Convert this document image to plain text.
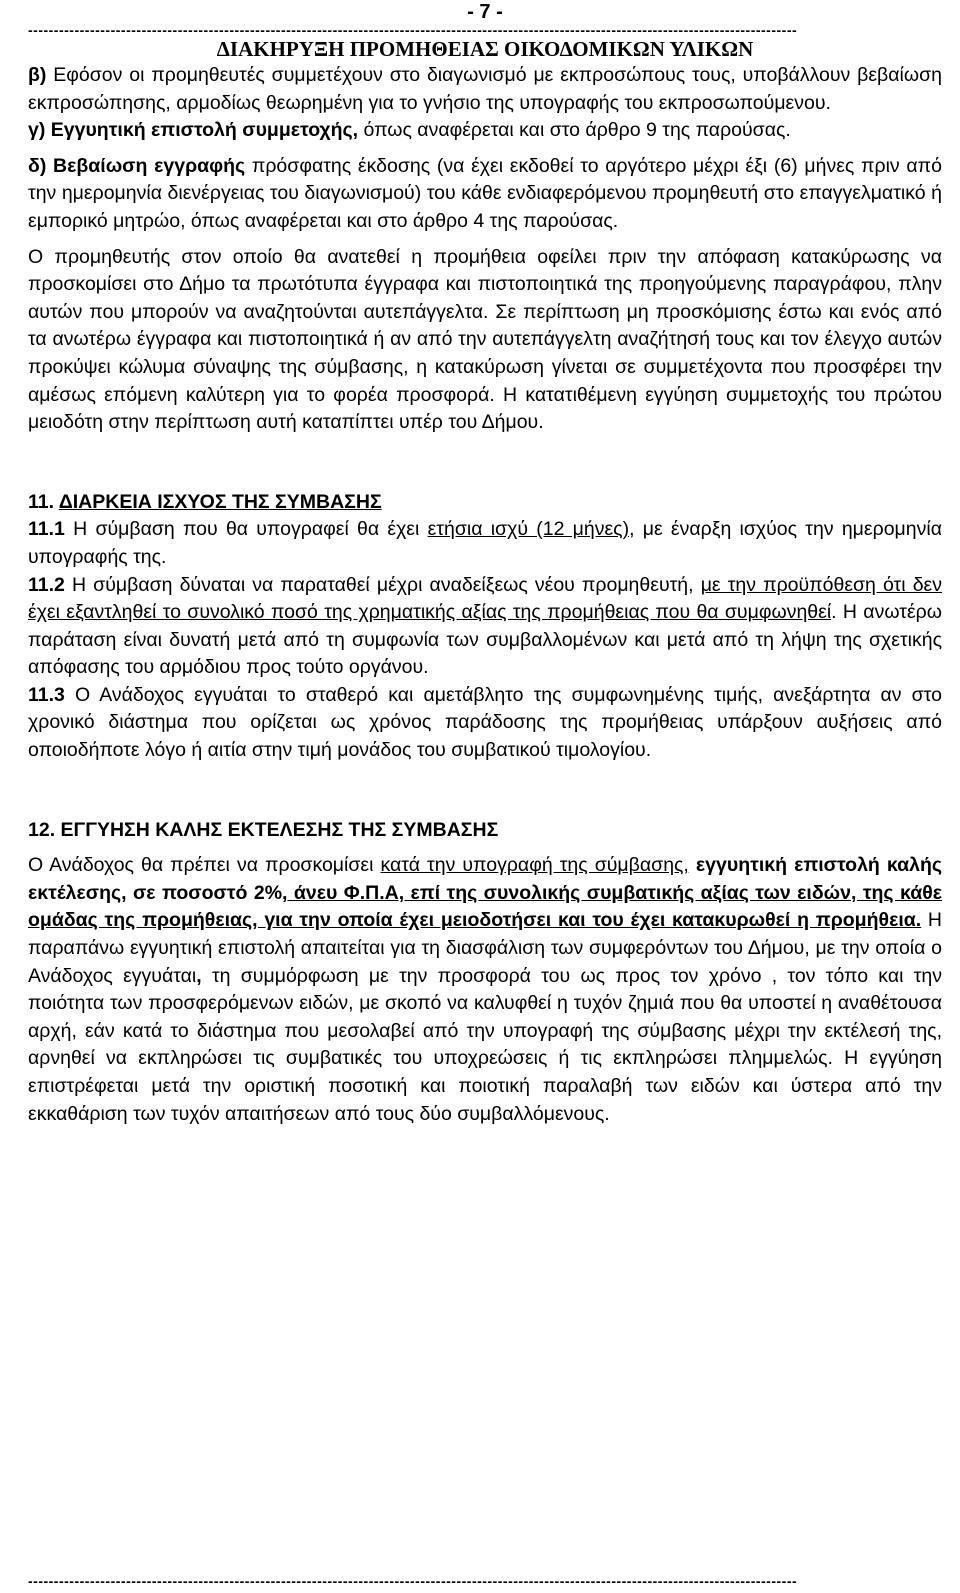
- 7 -
-----------------------------------------------------------------------------------------------------------------------------------------------------
ΔΙΑΚΗΡΥΞΗ ΠΡΟΜΗΘΕΙΑΣ ΟΙΚΟΔΟΜΙΚΩΝ ΥΛΙΚΩΝ

β) Εφόσον οι προμηθευτές συμμετέχουν στο διαγωνισμό με εκπροσώπους τους, υποβάλλουν βεβαίωση εκπροσώπησης, αρμοδίως θεωρημένη για το γνήσιο της υπογραφής του εκπροσωπούμενου.

γ) Εγγυητική επιστολή συμμετοχής, όπως αναφέρεται και στο άρθρο 9 της παρούσας.

δ) Βεβαίωση εγγραφής πρόσφατης έκδοσης (να έχει εκδοθεί το αργότερο μέχρι έξι (6) μήνες πριν από την ημερομηνία διενέργειας του διαγωνισμού) του κάθε ενδιαφερόμενου προμηθευτή στο επαγγελματικό ή εμπορικό μητρώο, όπως αναφέρεται και στο άρθρο 4 της παρούσας.

Ο προμηθευτής στον οποίο θα ανατεθεί η προμήθεια οφείλει πριν την απόφαση κατακύρωσης να προσκομίσει στο Δήμο τα πρωτότυπα έγγραφα και πιστοποιητικά της προηγούμενης παραγράφου, πλην αυτών που μπορούν να αναζητούνται αυτεπάγγελτα. Σε περίπτωση μη προσκόμισης έστω και ενός από τα ανωτέρω έγγραφα και πιστοποιητικά ή αν από την αυτεπάγγελτη αναζήτησή τους και τον έλεγχο αυτών προκύψει κώλυμα σύναψης της σύμβασης, η κατακύρωση γίνεται σε συμμετέχοντα που προσφέρει την αμέσως επόμενη καλύτερη για το φορέα προσφορά. Η κατατιθέμενη εγγύηση συμμετοχής του πρώτου μειοδότη στην περίπτωση αυτή καταπίπτει υπέρ του Δήμου.

11. ΔΙΑΡΚΕΙΑ ΙΣΧΥΟΣ ΤΗΣ ΣΥΜΒΑΣΗΣ

11.1 Η σύμβαση που θα υπογραφεί θα έχει ετήσια ισχύ (12 μήνες), με έναρξη ισχύος την ημερομηνία υπογραφής της.

11.2 Η σύμβαση δύναται να παραταθεί μέχρι αναδείξεως νέου προμηθευτή, με την προϋπόθεση ότι δεν έχει εξαντληθεί το συνολικό ποσό της χρηματικής αξίας της προμήθειας που θα συμφωνηθεί. Η ανωτέρω παράταση είναι δυνατή μετά από τη συμφωνία των συμβαλλομένων και μετά από τη λήψη της σχετικής απόφασης του αρμόδιου προς τούτο οργάνου.

11.3 Ο Ανάδοχος εγγυάται το σταθερό και αμετάβλητο της συμφωνημένης τιμής, ανεξάρτητα αν στο χρονικό διάστημα που ορίζεται ως χρόνος παράδοσης της προμήθειας υπάρξουν αυξήσεις από οποιοδήποτε λόγο ή αιτία στην τιμή μονάδος του συμβατικού τιμολογίου.

12. ΕΓΓΥΗΣΗ ΚΑΛΗΣ ΕΚΤΕΛΕΣΗΣ ΤΗΣ ΣΥΜΒΑΣΗΣ

Ο Ανάδοχος θα πρέπει να προσκομίσει κατά την υπογραφή της σύμβασης, εγγυητική επιστολή καλής εκτέλεσης, σε ποσοστό 2%, άνευ Φ.Π.Α, επί της συνολικής συμβατικής αξίας των ειδών, της κάθε ομάδας της προμήθειας, για την οποία έχει μειοδοτήσει και του έχει κατακυρωθεί η προμήθεια. Η παραπάνω εγγυητική επιστολή απαιτείται για τη διασφάλιση των συμφερόντων του Δήμου, με την οποία ο Ανάδοχος εγγυάται, τη συμμόρφωση με την προσφορά του ως προς τον χρόνο , τον τόπο και την ποιότητα των προσφερόμενων ειδών, με σκοπό να καλυφθεί η τυχόν ζημιά που θα υποστεί η αναθέτουσα αρχή, εάν κατά το διάστημα που μεσολαβεί από την υπογραφή της σύμβασης μέχρι την εκτέλεσή της, αρνηθεί να εκπληρώσει τις συμβατικές του υποχρεώσεις ή τις εκπληρώσει πλημμελώς. Η εγγύηση επιστρέφεται μετά την οριστική ποσοτική και ποιοτική παραλαβή των ειδών και ύστερα από την εκκαθάριση των τυχόν απαιτήσεων από τους δύο συμβαλλόμενους.

-----------------------------------------------------------------------------------------------------------------------------------------------------
